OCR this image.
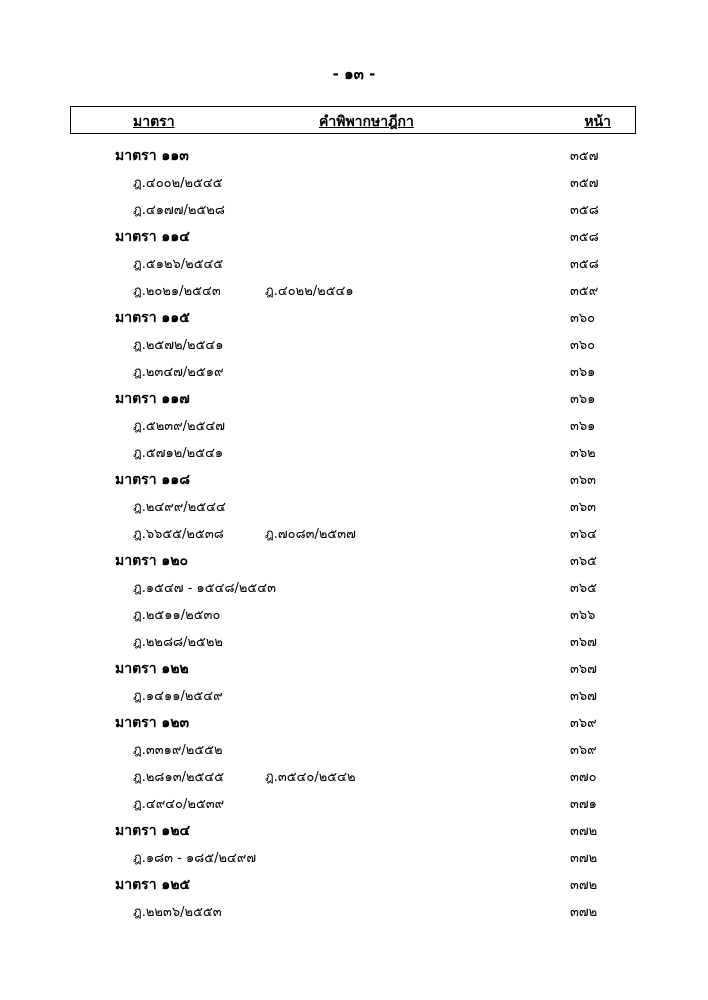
- ๑๓ -
มาตรา	คำพิพากษาฎีกา	หน้า
มาตรา ๑๑๓	๓๕๗
ฎ.๔๐๐๒/๒๕๔๕	๓๕๗
ฎ.๔๑๗๗/๒๕๒๘	๓๕๘
มาตรา ๑๑๔	๓๕๘
ฎ.๕๑๒๖/๒๕๔๕	๓๕๘
ฎ.๒๐๒๑/๒๕๔๓	ฎ.๔๐๒๒/๒๕๔๑	๓๕๙
มาตรา ๑๑๕	๓๖๐
ฎ.๒๕๗๒/๒๕๔๑	๓๖๐
ฎ.๒๓๔๗/๒๕๑๙	๓๖๑
มาตรา ๑๑๗	๓๖๑
ฎ.๕๒๓๙/๒๕๔๗	๓๖๑
ฎ.๕๗๑๒/๒๕๔๑	๓๖๒
มาตรา ๑๑๘	๓๖๓
ฎ.๒๔๙๙/๒๕๔๔	๓๖๓
ฎ.๖๖๕๕/๒๕๓๘	ฎ.๗๐๘๓/๒๕๓๗	๓๖๔
มาตรา ๑๒๐	๓๖๕
ฎ.๑๕๔๗ - ๑๕๔๘/๒๕๔๓	๓๖๕
ฎ.๒๕๑๑/๒๕๓๐	๓๖๖
ฎ.๒๒๘๘/๒๕๒๒	๓๖๗
มาตรา ๑๒๒	๓๖๗
ฎ.๑๔๑๑/๒๕๔๙	๓๖๗
มาตรา ๑๒๓	๓๖๙
ฎ.๓๓๑๙/๒๕๕๒	๓๖๙
ฎ.๒๘๑๓/๒๕๔๕	ฎ.๓๕๔๐/๒๕๔๒	๓๗๐
ฎ.๔๙๔๐/๒๕๓๙	๓๗๑
มาตรา ๑๒๔	๓๗๒
ฎ.๑๘๓ - ๑๘๕/๒๔๙๗	๓๗๒
มาตรา ๑๒๕	๓๗๒
ฎ.๒๒๓๖/๒๕๕๓	๓๗๒
